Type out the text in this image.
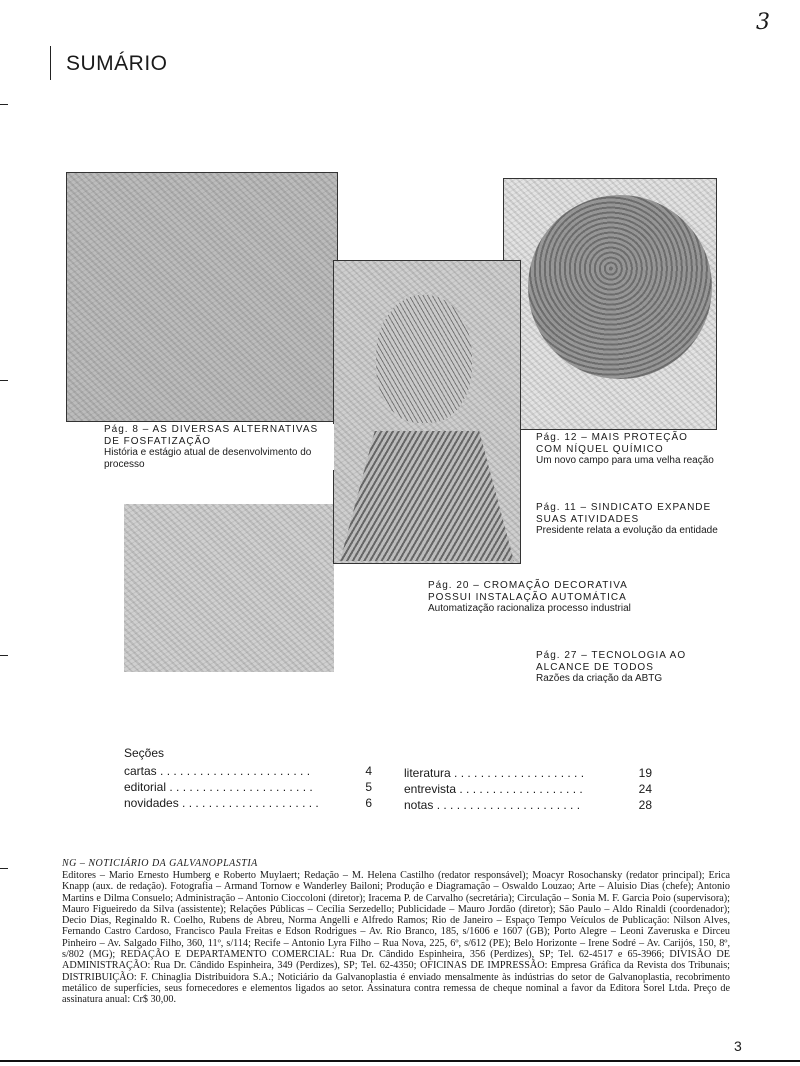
3
SUMÁRIO
Pág. 8 – AS DIVERSAS ALTERNATIVAS DE FOSFATIZAÇÃO
História e estágio atual de desenvolvimento do processo
Pág. 12 – MAIS PROTEÇÃO COM NÍQUEL QUÍMICO
Um novo campo para uma velha reação
Pág. 11 – SINDICATO EXPANDE SUAS ATIVIDADES
Presidente relata a evolução da entidade
Pág. 20 – CROMAÇÃO DECORATIVA POSSUI INSTALAÇÃO AUTOMÁTICA
Automatização racionaliza processo industrial
Pág. 27 – TECNOLOGIA AO ALCANCE DE TODOS
Razões da criação da ABTG
Seções
cartas . . . . . . . . . . . . . . . . . . . . . . .	4
editorial . . . . . . . . . . . . . . . . . . . . . .	5
novidades . . . . . . . . . . . . . . . . . . . . .	6
literatura . . . . . . . . . . . . . . . . . . . .	19
entrevista . . . . . . . . . . . . . . . . . . .	24
notas . . . . . . . . . . . . . . . . . . . . . .	28
NG – NOTICIÁRIO DA GALVANOPLASTIA
Editores – Mario Ernesto Humberg e Roberto Muylaert; Redação – M. Helena Castilho (redator responsável); Moacyr Rosochansky (redator principal); Erica Knapp (aux. de redação). Fotografia – Armand Tornow e Wanderley Bailoni; Produção e Diagramação – Oswaldo Louzao; Arte – Aluisio Dias (chefe); Antonio Martins e Dilma Consuelo; Administração – Antonio Cioccoloni (diretor); Iracema P. de Carvalho (secretária); Circulação – Sonia M. F. Garcia Poio (supervisora); Mauro Figueiredo da Silva (assistente); Relações Públicas – Cecília Serzedello; Publicidade – Mauro Jordão (diretor); São Paulo – Aldo Rinaldi (coordenador); Decio Dias, Reginaldo R. Coelho, Rubens de Abreu, Norma Angelli e Alfredo Ramos; Rio de Janeiro – Espaço Tempo Veículos de Publicação: Nilson Alves, Fernando Castro Cardoso, Francisco Paula Freitas e Edson Rodrigues – Av. Rio Branco, 185, s/1606 e 1607 (GB); Porto Alegre – Leoni Zaveruska e Dirceu Pinheiro – Av. Salgado Filho, 360, 11º, s/114; Recife – Antonio Lyra Filho – Rua Nova, 225, 6º, s/612 (PE); Belo Horizonte – Irene Sodré – Av. Carijós, 150, 8º, s/802 (MG); REDAÇÃO E DEPARTAMENTO COMERCIAL: Rua Dr. Cândido Espinheira, 356 (Perdizes), SP; Tel. 62-4517 e 65-3966; DIVISÃO DE ADMINISTRAÇÃO: Rua Dr. Cândido Espinheira, 349 (Perdizes), SP; Tel. 62-4350; OFICINAS DE IMPRESSÃO: Empresa Gráfica da Revista dos Tribunais; DISTRIBUIÇÃO: F. Chinaglia Distribuidora S.A.; Noticiário da Galvanoplastia é enviado mensalmente às indústrias do setor de Galvanoplastia, recobrimento metálico de superfícies, seus fornecedores e elementos ligados ao setor. Assinatura contra remessa de cheque nominal a favor da Editora Sorel Ltda. Preço de assinatura anual: Cr$ 30,00.
3
